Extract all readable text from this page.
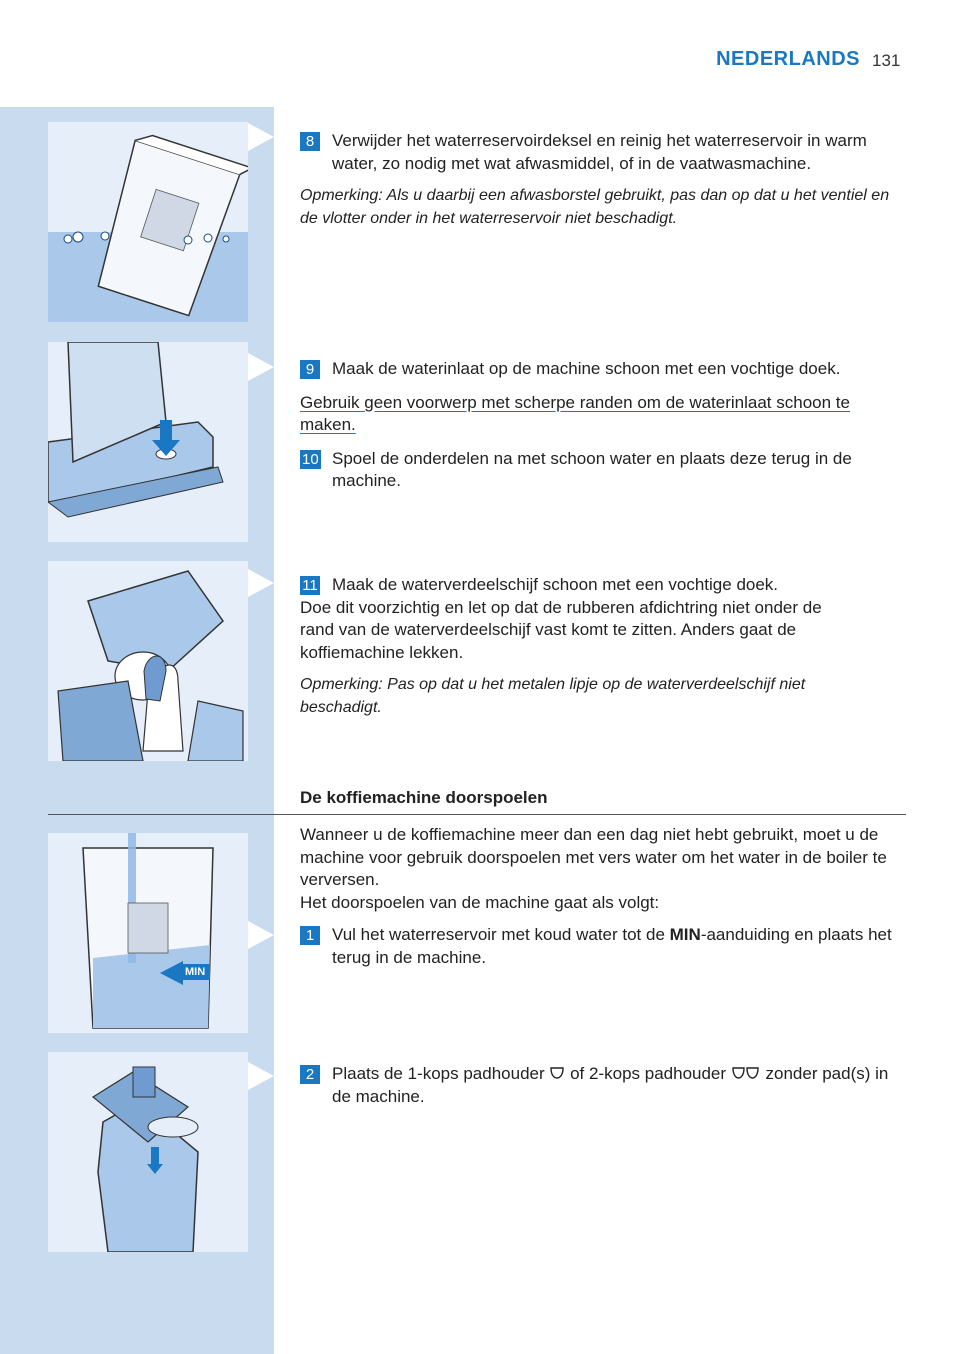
NEDERLANDS 131
De koffiemachine doorspoelen
MIN
8	Verwijder het waterreservoirdeksel en reinig het waterreservoir in warm water, zo nodig met wat afwasmiddel, of in de vaatwasmachine.
Opmerking: Als u daarbij een afwasborstel gebruikt, pas dan op dat u het ventiel en de vlotter onder in het waterreservoir niet beschadigt.
9	Maak de waterinlaat op de machine schoon met een vochtige doek.
Gebruik geen voorwerp met scherpe randen om de waterinlaat schoon te maken.
10 Spoel de onderdelen na met schoon water en plaats deze terug in de machine.
11 Maak de waterverdeelschijf schoon met een vochtige doek.
Doe dit voorzichtig en let op dat de rubberen afdichtring niet onder de rand van de waterverdeelschijf vast komt te zitten. Anders gaat de koffiemachine lekken.
Opmerking: Pas op dat u het metalen lipje op de waterverdeelschijf niet beschadigt.
Wanneer u de koffiemachine meer dan een dag niet hebt gebruikt, moet u de machine voor gebruik doorspoelen met vers water om het water in de boiler te verversen.
Het doorspoelen van de machine gaat als volgt:
1	Vul het waterreservoir met koud water tot de MIN-aanduiding en plaats het terug in de machine.
2	Plaats de 1-kops padhouder  of 2-kops padhouder  zonder pad(s) in de machine.
